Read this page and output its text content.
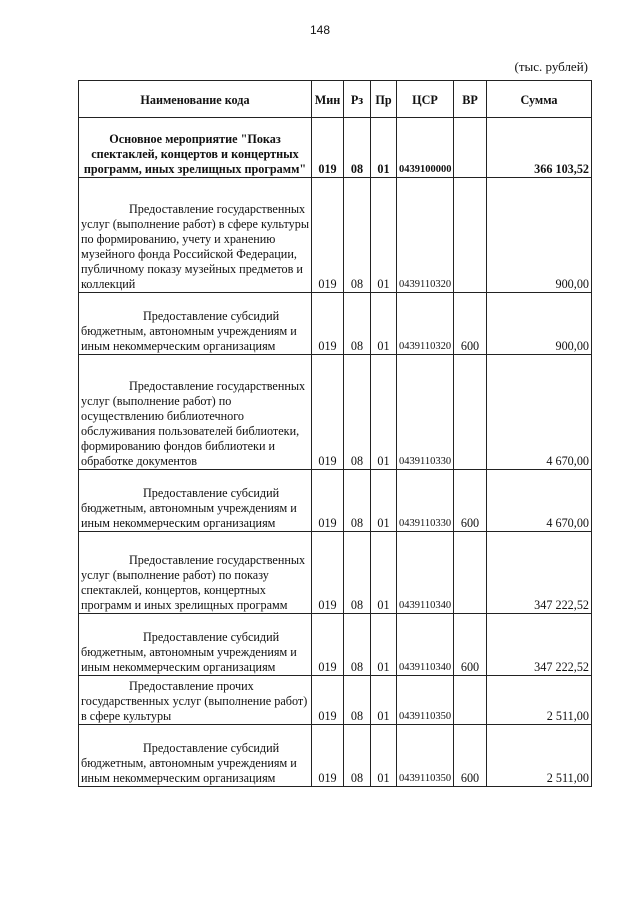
148
(тыс. рублей)
Наименование кода	Мин	Рз	Пр	ЦСР	ВР	Сумма
Основное мероприятие "Показ спектаклей, концертов и концертных программ, иных зрелищных программ"	019	08	01	0439100000		366 103,52
Предоставление государственных услуг (выполнение работ) в сфере культуры по формированию, учету и хранению музейного фонда Российской Федерации, публичному показу музейных предметов и коллекций	019	08	01	0439110320		900,00
Предоставление субсидий бюджетным, автономным учреждениям и иным некоммерческим организациям	019	08	01	0439110320	600	900,00
Предоставление государственных услуг (выполнение работ) по осуществлению библиотечного обслуживания пользователей библиотеки, формированию фондов библиотеки и обработке документов	019	08	01	0439110330		4 670,00
Предоставление субсидий бюджетным, автономным учреждениям и иным некоммерческим организациям	019	08	01	0439110330	600	4 670,00
Предоставление государственных услуг (выполнение работ) по показу спектаклей, концертов, концертных программ и иных зрелищных программ	019	08	01	0439110340		347 222,52
Предоставление субсидий бюджетным, автономным учреждениям и иным некоммерческим организациям	019	08	01	0439110340	600	347 222,52
Предоставление прочих государственных услуг (выполнение работ) в сфере культуры	019	08	01	0439110350		2 511,00
Предоставление субсидий бюджетным, автономным учреждениям и иным некоммерческим организациям	019	08	01	0439110350	600	2 511,00
